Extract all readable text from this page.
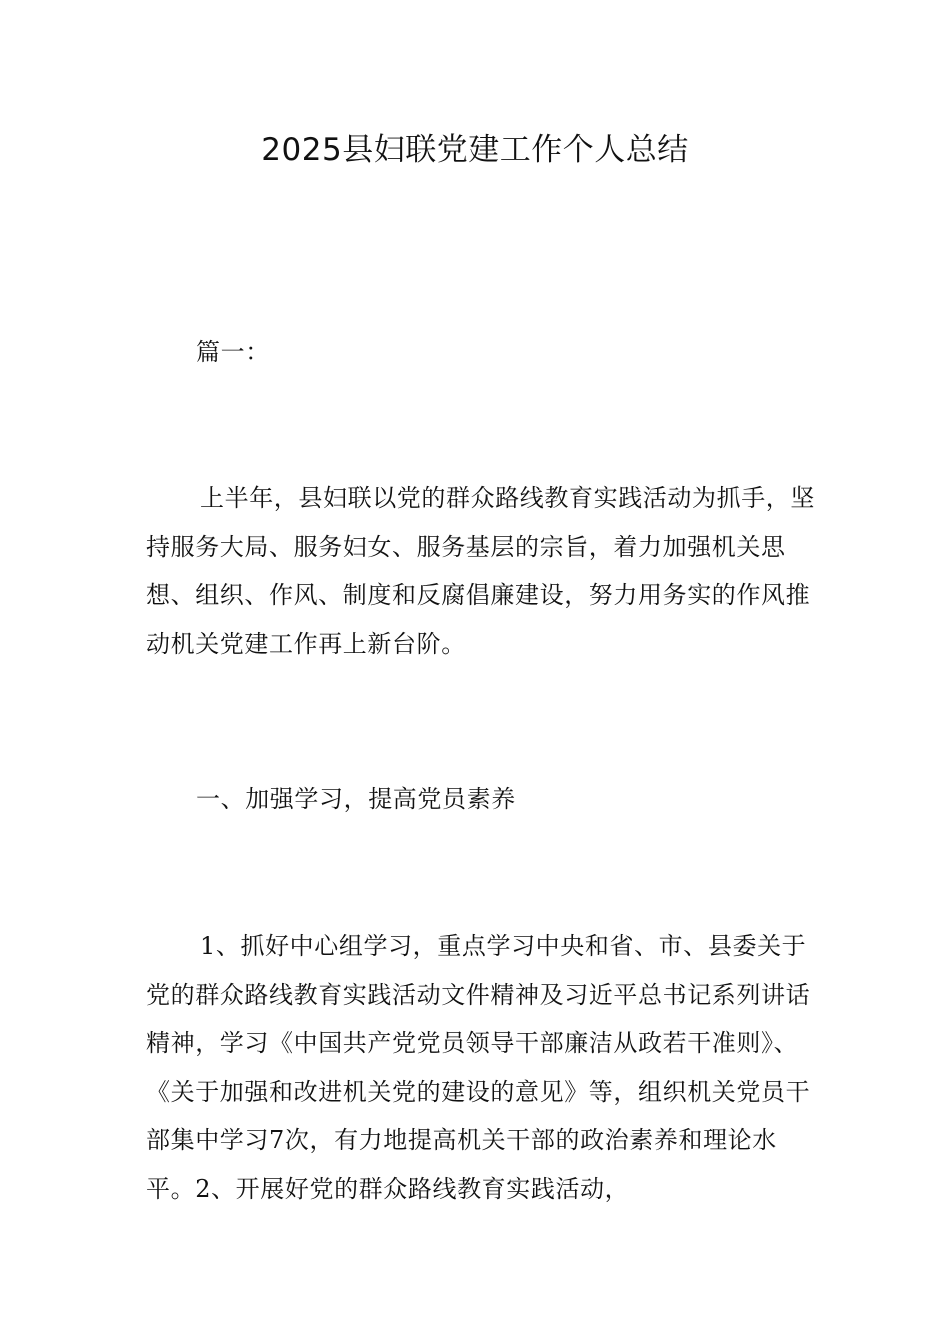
2025县妇联党建工作个人总结

篇一：

上半年，县妇联以党的群众路线教育实践活动为抓手，坚持服务大局、服务妇女、服务基层的宗旨，着力加强机关思想、组织、作风、制度和反腐倡廉建设，努力用务实的作风推动机关党建工作再上新台阶。

一、加强学习，提高党员素养

1、抓好中心组学习，重点学习中央和省、市、县委关于党的群众路线教育实践活动文件精神及习近平总书记系列讲话精神，学习《中国共产党党员领导干部廉洁从政若干准则》、《关于加强和改进机关党的建设的意见》等，组织机关党员干部集中学习7次，有力地提高机关干部的政治素养和理论水平。2、开展好党的群众路线教育实践活动，
